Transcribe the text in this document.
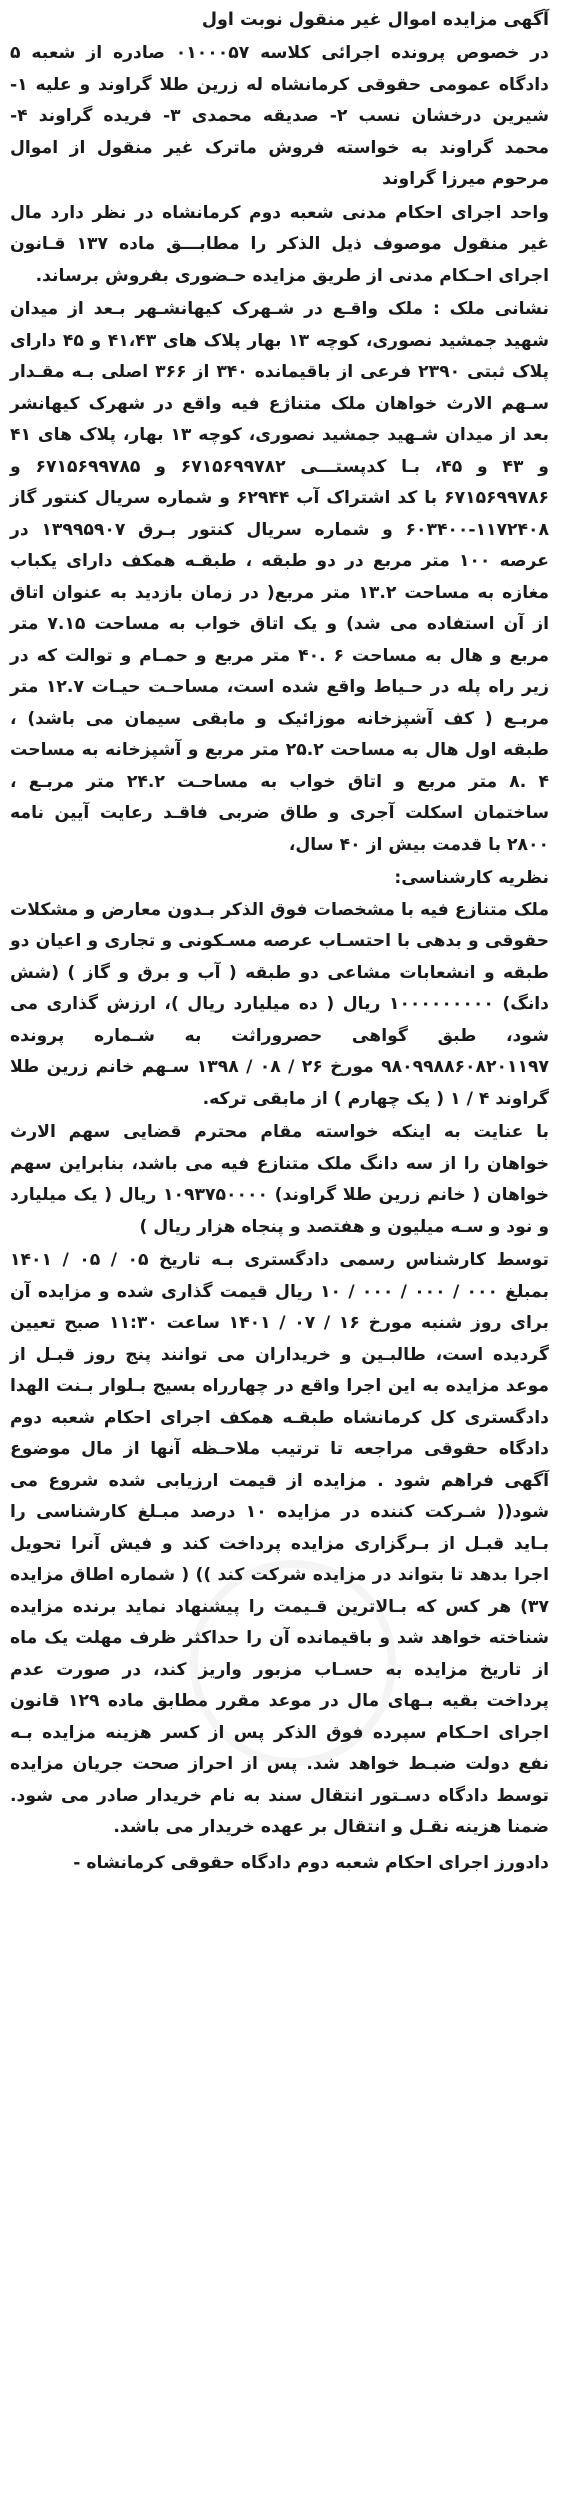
آگهی مزایده اموال غیر منقول نوبت اول
در خصوص پرونده اجرائی کلاسه ۰۱۰۰۰۵۷ صادره از شعبه ۵ دادگاه عمومی حقوقی کرمانشاه له زرین طلا گراوند و علیه ۱- شیرین درخشان نسب ۲- صدیقه محمدی ۳- فریده گراوند ۴- محمد گراوند به خواسته فروش ماترک غیر منقول از اموال مرحوم میرزا گراوند
واحد اجرای احکام مدنی شعبه دوم کرمانشاه در نظر دارد مال غیر منقول موصوف ذیل الذکر را مطابـــق ماده ۱۳۷ قـانون اجرای احـکام مدنی از طریق مزایده حـضوری بفروش برساند.
نشانی ملک : ملک واقـع در شـهرک کیهانشـهر بـعد از میدان شهید جمشید نصوری، کوچه ۱۳ بهار پلاک های ۴۱،۴۳ و ۴۵ دارای پلاک ثبتی ۲۳۹۰ فرعی از باقیمانده ۳۴۰ از ۳۶۶ اصلی بـه مقـدار سـهم الارث خواهان ملک متناژع فیه واقع در شهرک کیهانشر بعد از میدان شـهید جمشید نصوری، کوچه ۱۳ بهار، پلاک های ۴۱ و ۴۳ و ۴۵، بـا کدپستـــی ۶۷۱۵۶۹۹۷۸۲ و ۶۷۱۵۶۹۹۷۸۵ و ۶۷۱۵۶۹۹۷۸۶ با کد اشتراک آب ۶۲۹۴۴ و شماره سریال کنتور گاز ۱۱۷۲۴۰۸-۶۰۳۴۰۰ و شماره سریال کنتور بـرق ۱۳۹۹۵۹۰۷ در عرصه ۱۰۰ متر مربع در دو طبقه ، طبقـه همکف دارای یکباب مغازه به مساحت ۱۳.۲ متر مربع( در زمان بازدید به عنوان اتاق از آن استفاده می شد) و یک اتاق خواب به مساحت ۷.۱۵ متر مربع و هال به مساحت ۶ .۴۰ متر مربع و حمـام و توالت که در زیر راه پله در حـیاط واقع شده است، مساحـت حیـات ۱۲.۷ متر مربـع ( کف آشپزخانه موزائیک و مابقی سیمان می باشد) ، طبقه اول هال به مساحت ۲۵.۲ متر مربع و آشپزخانه به مساحت ۴ .۸ متر مربع و اتاق خواب به مساحـت ۲۴.۲ متر مربـع ، ساختمان اسکلت آجری و طاق ضربی فاقـد رعایت آیین نامه ۲۸۰۰ با قدمت بیش از ۴۰ سال،
نظریه کارشناسی:
ملک متنازع فیه با مشخصات فوق الذکر بـدون معارض و مشکلات حقوقی و بدهی با احتسـاب عرصه مسـکونی و تجاری و اعیان دو طبقه و انشعابات مشاعی دو طبقه ( آب و برق و گاز ) (شش دانگ) ۱۰۰۰۰۰۰۰۰۰ ریال ( ده میلیارد ریال )، ارزش گذاری می شود، طبق گواهی حصروراثت به شـماره پرونده ۹۸۰۹۹۸۸۶۰۸۲۰۱۱۹۷ مورخ ۲۶ / ۰۸ / ۱۳۹۸ سـهم خانم زرین طلا گراوند ۴ / ۱ ( یک چهارم ) از مابقی ترکه.
با عنایت به اینکه خواسته مقام محترم قضایی سهم الارث خواهان را از سه دانگ ملک متنازع فیه می باشد، بنابراین سهم خواهان ( خانم زرین طلا گراوند) ۱۰۹۳۷۵۰۰۰۰ ریال ( یک میلیارد و نود و سـه میلیون و هفتصد و پنجاه هزار ریال )
توسط کارشناس رسمی دادگستری بـه تاریخ ۰۵ / ۰۵ / ۱۴۰۱ بمبلغ ۰۰۰ / ۰۰۰ / ۰۰۰ / ۱۰ ریال قیمت گذاری شده و مزایده آن برای روز شنبه مورخ ۱۶ / ۰۷ / ۱۴۰۱ ساعت ۱۱:۳۰ صبح تعیین گردیده است، طالبـین و خریداران می توانند پنج روز قبـل از موعد مزایده به این اجرا واقع در چهارراه بسیج بـلوار بـنت الهدا دادگستری کل کرمانشاه طبقـه همکف اجرای احکام شعبه دوم دادگاه حقوقی مراجعه تا ترتیب ملاحـظه آنها از مال موضوع آگهی فراهم شود . مزایده از قیمت ارزیابی شده شروع می شود(( شـرکت کننده در مزایده ۱۰ درصد مبـلغ کارشناسی را بـاید قبـل از بـرگزاری مزایده پرداخت کند و فیش آنرا تحویل اجرا بدهد تا بتواند در مزایده شرکت کند )) ( شماره اطاق مزایده ۳۷) هر کس که بـالاترین قـیمت را پیشنهاد نماید برنده مزایده شناخته خواهد شد و باقیمانده آن را حداکثر ظرف مهلت یک ماه از تاریخ مزایده به حسـاب مزبور واریز کند، در صورت عدم پرداخت بقیه بـهای مال در موعد مقرر مطابق ماده ۱۲۹ قانون اجرای احـکام سپرده فوق الذکر پس از کسر هزینه مزایده بـه نفع دولت ضبـط خواهد شد. پس از احراز صحت جریان مزایده توسط دادگاه دسـتور انتقال سند به نام خریدار صادر می شود. ضمنا هزینه نقـل و انتقال بر عهده خریدار می باشد.
دادورز اجرای احکام شعبه دوم دادگاه حقوقی کرمانشاه -
